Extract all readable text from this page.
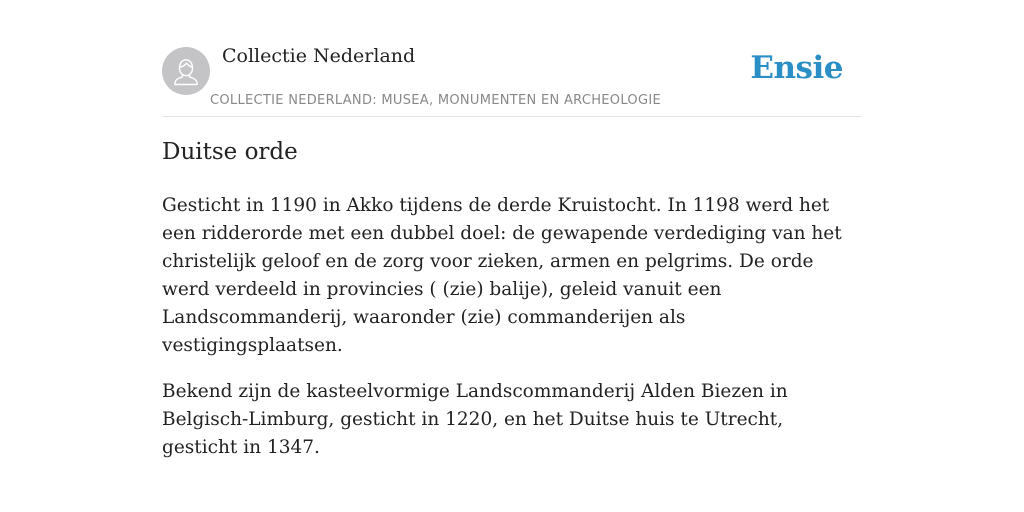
Collectie Nederland
COLLECTIE NEDERLAND: MUSEA, MONUMENTEN EN ARCHEOLOGIE
Ensie
Duitse orde

Gesticht in 1190 in Akko tijdens de derde Kruistocht. In 1198 werd het een ridderorde met een dubbel doel: de gewapende verdediging van het christelijk geloof en de zorg voor zieken, armen en pelgrims. De orde werd verdeeld in provincies ( (zie) balije), geleid vanuit een Landscommanderij, waaronder (zie) commanderijen als vestigingsplaatsen.

Bekend zijn de kasteelvormige Landscommanderij Alden Biezen in Belgisch-Limburg, gesticht in 1220, en het Duitse huis te Utrecht, gesticht in 1347.
